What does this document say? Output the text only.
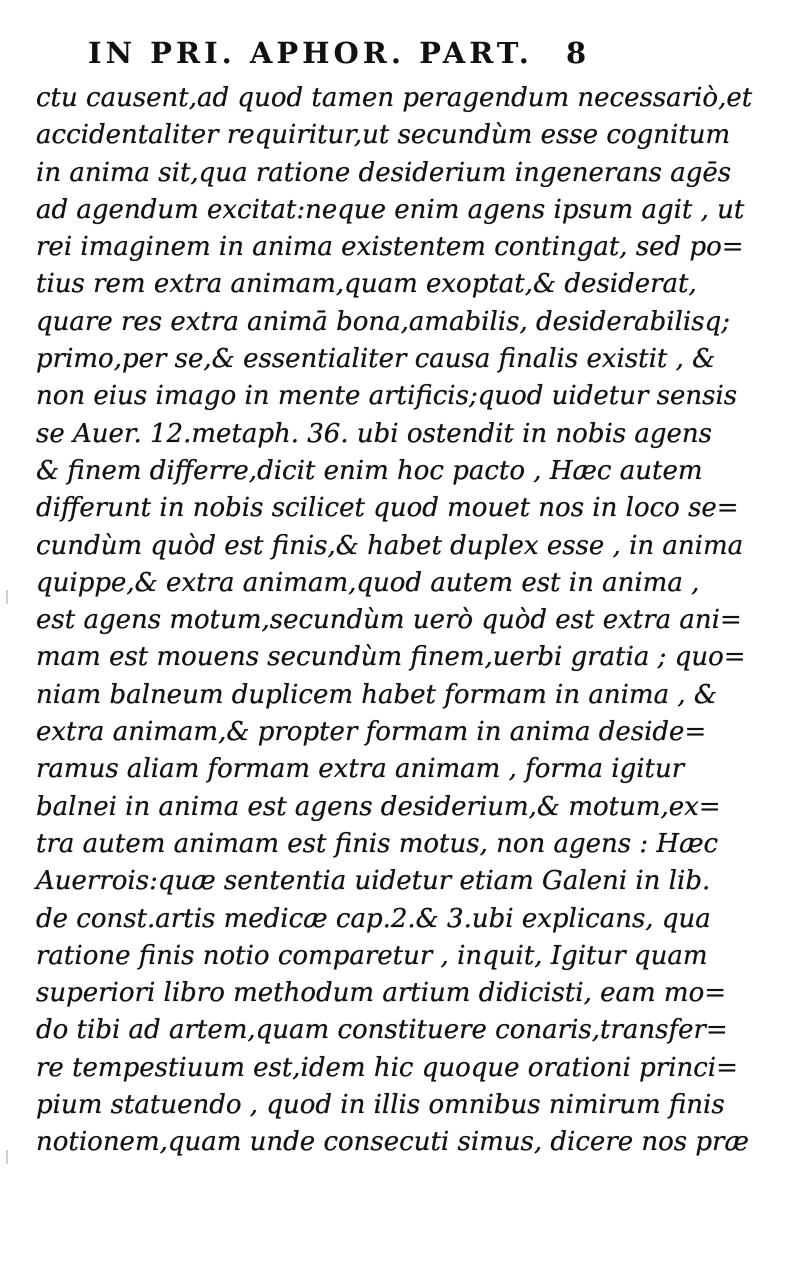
IN PRI. APHOR. PART. 8
ctu causent,ad quod tamen peragendum necessariò,et
accidentaliter requiritur,ut secundùm esse cognitum
in anima sit,qua ratione desiderium ingenerans agēs
ad agendum excitat:neque enim agens ipsum agit , ut
rei imaginem in anima existentem contingat, sed po=
tius rem extra animam,quam exoptat,& desiderat,
quare res extra animā bona,amabilis, desiderabilisq;
primo,per se,& essentialiter causa finalis existit , &
non eius imago in mente artificis;quod uidetur sensis
se Auer. 12.metaph. 36. ubi ostendit in nobis agens
& finem differre,dicit enim hoc pacto , Hæc autem
differunt in nobis scilicet quod mouet nos in loco se=
cundùm quòd est finis,& habet duplex esse , in anima
quippe,& extra animam,quod autem est in anima ,
est agens motum,secundùm uerò quòd est extra ani=
mam est mouens secundùm finem,uerbi gratia ; quo=
niam balneum duplicem habet formam in anima , &
extra animam,& propter formam in anima deside=
ramus aliam formam extra animam , forma igitur
balnei in anima est agens desiderium,& motum,ex=
tra autem animam est finis motus, non agens : Hæc
Auerrois:quæ sententia uidetur etiam Galeni in lib.
de const.artis medicæ cap.2.& 3.ubi explicans, qua
ratione finis notio comparetur , inquit, Igitur quam
superiori libro methodum artium didicisti, eam mo=
do tibi ad artem,quam constituere conaris,transfer=
re tempestiuum est,idem hic quoque orationi princi=
pium statuendo , quod in illis omnibus nimirum finis
notionem,quam unde consecuti simus, dicere nos præ
